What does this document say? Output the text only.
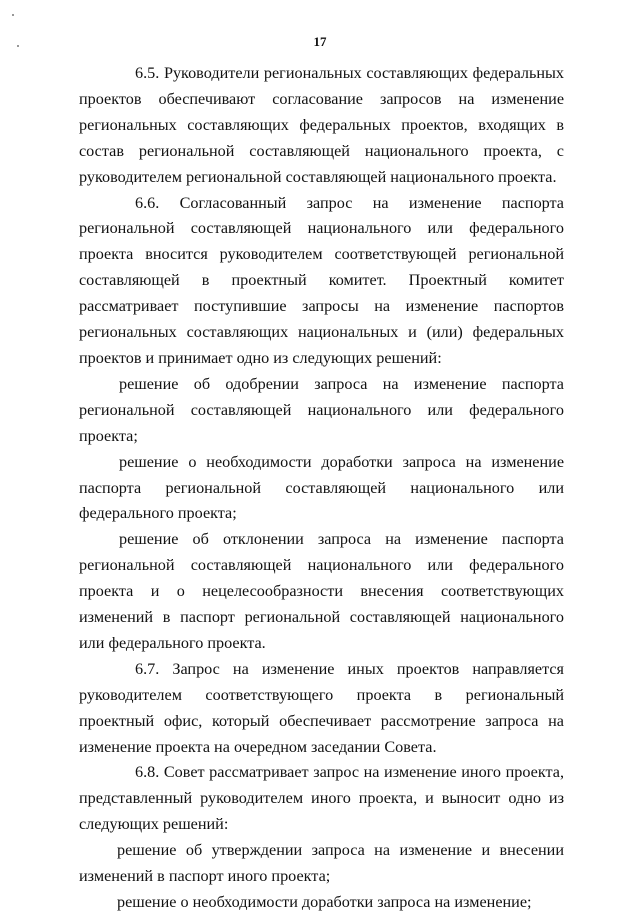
17

6.5. Руководители региональных составляющих федеральных проектов обеспечивают согласование запросов на изменение региональных составляющих федеральных проектов, входящих в состав региональной составляющей национального проекта, с руководителем региональной составляющей национального проекта.

6.6. Согласованный запрос на изменение паспорта региональной составляющей национального или федерального проекта вносится руководителем соответствующей региональной составляющей в проектный комитет. Проектный комитет рассматривает поступившие запросы на изменение паспортов региональных составляющих национальных и (или) федеральных проектов и принимает одно из следующих решений:

решение об одобрении запроса на изменение паспорта региональной составляющей национального или федерального проекта;

решение о необходимости доработки запроса на изменение паспорта региональной составляющей национального или федерального проекта;

решение об отклонении запроса на изменение паспорта региональной составляющей национального или федерального проекта и о нецелесообразности внесения соответствующих изменений в паспорт региональной составляющей национального или федерального проекта.

6.7. Запрос на изменение иных проектов направляется руководителем соответствующего проекта в региональный проектный офис, который обеспечивает рассмотрение запроса на изменение проекта на очередном заседании Совета.

6.8. Совет рассматривает запрос на изменение иного проекта, представленный руководителем иного проекта, и выносит одно из следующих решений:

решение об утверждении запроса на изменение и внесении изменений в паспорт иного проекта;

решение о необходимости доработки запроса на изменение;
